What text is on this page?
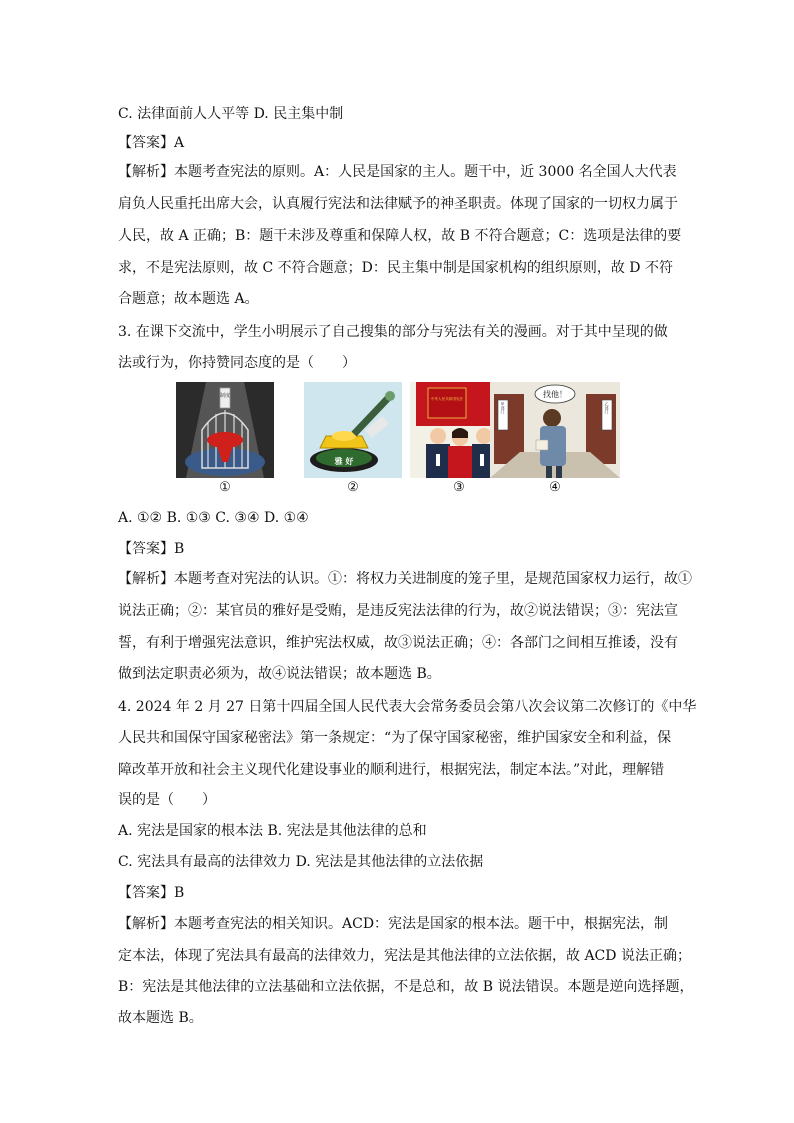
C. 法律面前人人平等 D. 民主集中制
【答案】A
【解析】本题考查宪法的原则。A：人民是国家的主人。题干中，近 3000 名全国人大代表
肩负人民重托出席大会，认真履行宪法和法律赋予的神圣职责。体现了国家的一切权力属于
人民，故 A 正确；B：题干未涉及尊重和保障人权，故 B 不符合题意；C：选项是法律的要
求，不是宪法原则，故 C 不符合题意；D：民主集中制是国家机构的组织原则，故 D 不符
合题意；故本题选 A。
3. 在课下交流中，学生小明展示了自己搜集的部分与宪法有关的漫画。对于其中呈现的做
法或行为，你持赞同态度的是（　　）
制度
雅 好
中华人民共和国宪法
甲部门	乙部门
找他！
①	②	③	④
A. ①② B. ①③ C. ③④ D. ①④
【答案】B
【解析】本题考查对宪法的认识。①：将权力关进制度的笼子里，是规范国家权力运行，故①
说法正确；②：某官员的雅好是受贿，是违反宪法法律的行为，故②说法错误；③：宪法宣
誓，有利于增强宪法意识，维护宪法权威，故③说法正确；④：各部门之间相互推诿，没有
做到法定职责必须为，故④说法错误；故本题选 B。
4. 2024 年 2 月 27 日第十四届全国人民代表大会常务委员会第八次会议第二次修订的《中华
人民共和国保守国家秘密法》第一条规定：“为了保守国家秘密，维护国家安全和利益，保
障改革开放和社会主义现代化建设事业的顺利进行，根据宪法，制定本法。”对此，理解错
误的是（　　）
A. 宪法是国家的根本法 B. 宪法是其他法律的总和
C. 宪法具有最高的法律效力 D. 宪法是其他法律的立法依据
【答案】B
【解析】本题考查宪法的相关知识。ACD：宪法是国家的根本法。题干中，根据宪法，制
定本法，体现了宪法具有最高的法律效力，宪法是其他法律的立法依据，故 ACD 说法正确；
B：宪法是其他法律的立法基础和立法依据，不是总和，故 B 说法错误。本题是逆向选择题，
故本题选 B。
